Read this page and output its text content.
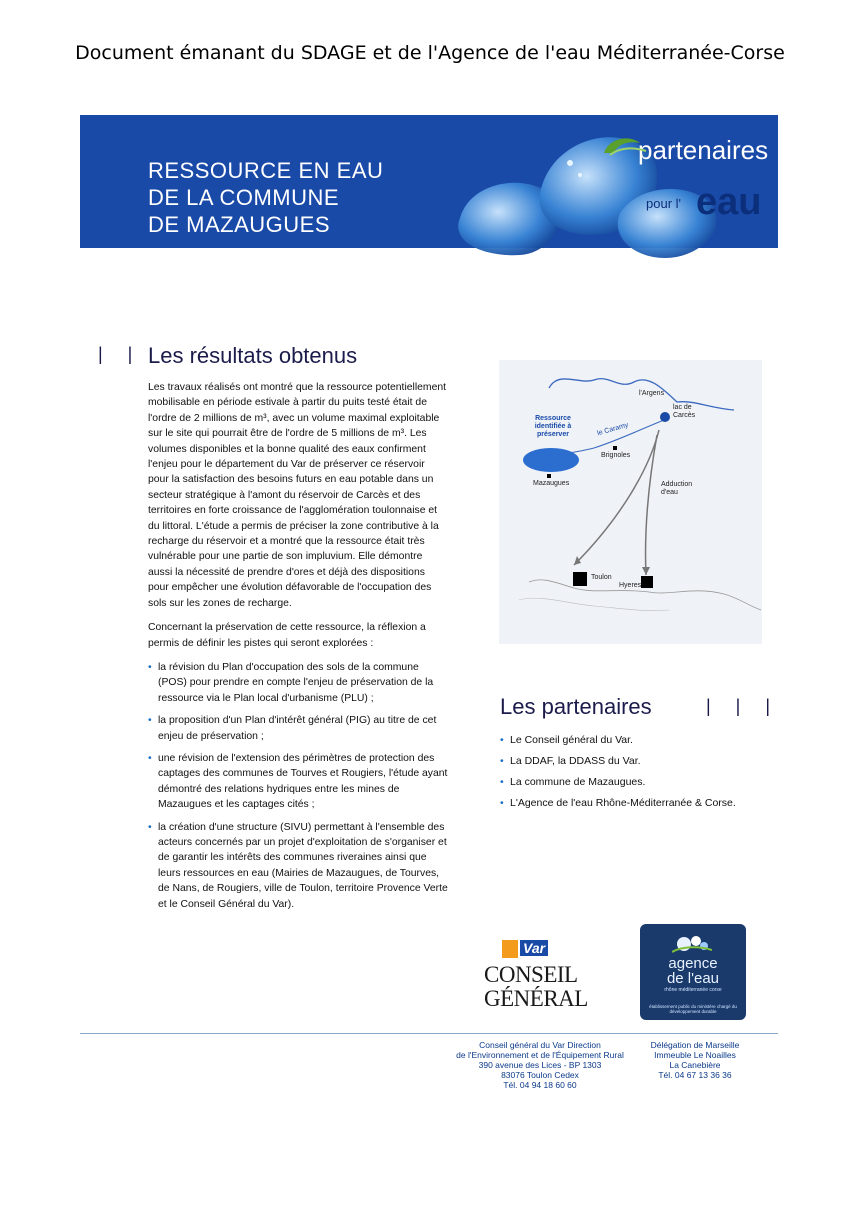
Document émanant du SDAGE et de l'Agence de l'eau Méditerranée-Corse
RESSOURCE EN EAU
DE LA COMMUNE
DE MAZAUGUES
partenaires
pour l' eau
| | Les résultats obtenus

Les travaux réalisés ont montré que la ressource potentiellement mobilisable en période estivale à partir du puits testé était de l'ordre de 2 millions de m³, avec un volume maximal exploitable sur le site qui pourrait être de l'ordre de 5 millions de m³. Les volumes disponibles et la bonne qualité des eaux confirment l'enjeu pour le département du Var de préserver ce réservoir pour la satisfaction des besoins futurs en eau potable dans un secteur stratégique à l'amont du réservoir de Carcès et des territoires en forte croissance de l'agglomération toulonnaise et du littoral. L'étude a permis de préciser la zone contributive à la recharge du réservoir et a montré que la ressource était très vulnérable pour une partie de son impluvium. Elle démontre aussi la nécessité de prendre d'ores et déjà des dispositions pour empêcher une évolution défavorable de l'occupation des sols sur les zones de recharge.

Concernant la préservation de cette ressource, la réflexion a permis de définir les pistes qui seront explorées :

• la révision du Plan d'occupation des sols de la commune (POS) pour prendre en compte l'enjeu de préservation de la ressource via le Plan local d'urbanisme (PLU) ;
• la proposition d'un Plan d'intérêt général (PIG) au titre de cet enjeu de préservation ;
• une révision de l'extension des périmètres de protection des captages des communes de Tourves et Rougiers, l'étude ayant démontré des relations hydriques entre les mines de Mazaugues et les captages cités ;
• la création d'une structure (SIVU) permettant à l'ensemble des acteurs concernés par un projet d'exploitation de s'organiser et de garantir les intérêts des communes riveraines ainsi que leurs ressources en eau (Mairies de Mazaugues, de Tourves, de Nans, de Rougiers, ville de Toulon, territoire Provence Verte et le Conseil Général du Var).
l'Argens
lac de Carcès
Ressource identifiée à préserver	le Caramy
Brignoles
Mazaugues	Adduction d'eau
Toulon
Hyeres
Les partenaires	| | |
• Le Conseil général du Var.
• La DDAF, la DDASS du Var.
• La commune de Mazaugues.
• L'Agence de l'eau Rhône-Méditerranée & Corse.
Var
CONSEIL
GÉNÉRAL
agence
de l'eau
rhône méditerranée corse
établissement public du ministère chargé du développement durable
Conseil général du Var Direction
de l'Environnement et de l'Équipement Rural
390 avenue des Lices - BP 1303
83076 Toulon Cedex
Tél. 04 94 18 60 60
Délégation de Marseille
Immeuble Le Noailles
La Canebière
Tél. 04 67 13 36 36
